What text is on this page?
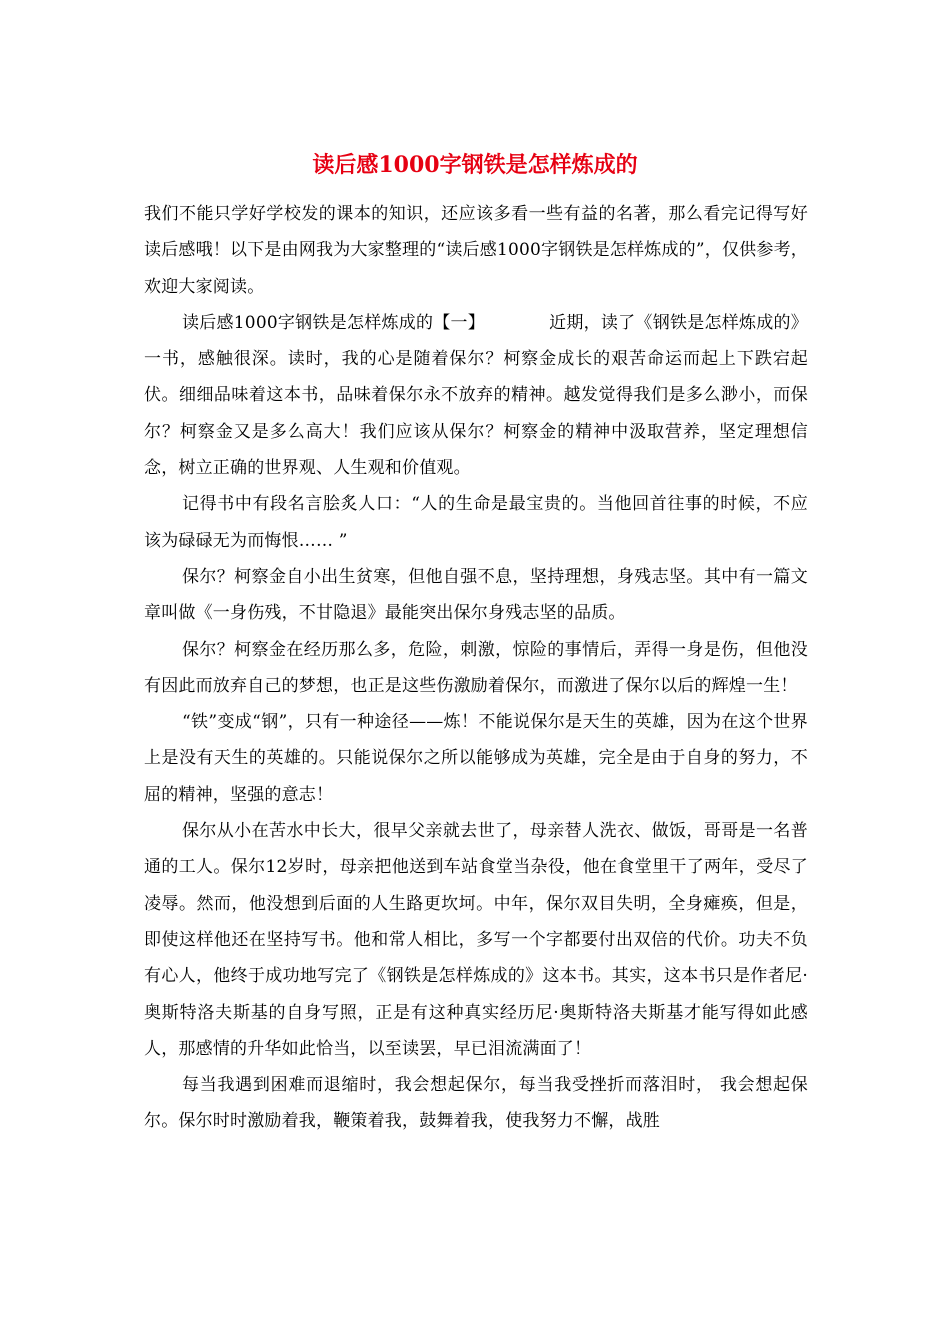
读后感1000字钢铁是怎样炼成的

我们不能只学好学校发的课本的知识，还应该多看一些有益的名著，那么看完记得写好读后感哦！以下是由网我为大家整理的“读后感1000字钢铁是怎样炼成的”，仅供参考，欢迎大家阅读。

读后感1000字钢铁是怎样炼成的【一】	近期，读了《钢铁是怎样炼成的》一书，感触很深。读时，我的心是随着保尔？柯察金成长的艰苦命运而起上下跌宕起伏。细细品味着这本书，品味着保尔永不放弃的精神。越发觉得我们是多么渺小，而保尔？柯察金又是多么高大！我们应该从保尔？柯察金的精神中汲取营养，坚定理想信念，树立正确的世界观、人生观和价值观。

记得书中有段名言脍炙人口：“人的生命是最宝贵的。当他回首往事的时候，不应该为碌碌无为而悔恨…… ”

保尔？柯察金自小出生贫寒，但他自强不息，坚持理想，身残志坚。其中有一篇文章叫做《一身伤残，不甘隐退》最能突出保尔身残志坚的品质。

保尔？柯察金在经历那么多，危险，刺激，惊险的事情后，弄得一身是伤，但他没有因此而放弃自己的梦想，也正是这些伤激励着保尔，而激进了保尔以后的辉煌一生！

“铁”变成“钢”，只有一种途径——炼！不能说保尔是天生的英雄，因为在这个世界上是没有天生的英雄的。只能说保尔之所以能够成为英雄，完全是由于自身的努力，不屈的精神，坚强的意志！

保尔从小在苦水中长大，很早父亲就去世了，母亲替人洗衣、做饭，哥哥是一名普通的工人。保尔12岁时，母亲把他送到车站食堂当杂役，他在食堂里干了两年，受尽了凌辱。然而，他没想到后面的人生路更坎坷。中年，保尔双目失明，全身瘫痪，但是，即使这样他还在坚持写书。他和常人相比，多写一个字都要付出双倍的代价。功夫不负有心人，他终于成功地写完了《钢铁是怎样炼成的》这本书。其实，这本书只是作者尼·奥斯特洛夫斯基的自身写照，正是有这种真实经历尼·奥斯特洛夫斯基才能写得如此感人，那感情的升华如此恰当，以至读罢，早已泪流满面了！

每当我遇到困难而退缩时，我会想起保尔，每当我受挫折而落泪时， 我会想起保尔。保尔时时激励着我，鞭策着我，鼓舞着我，使我努力不懈，战胜
